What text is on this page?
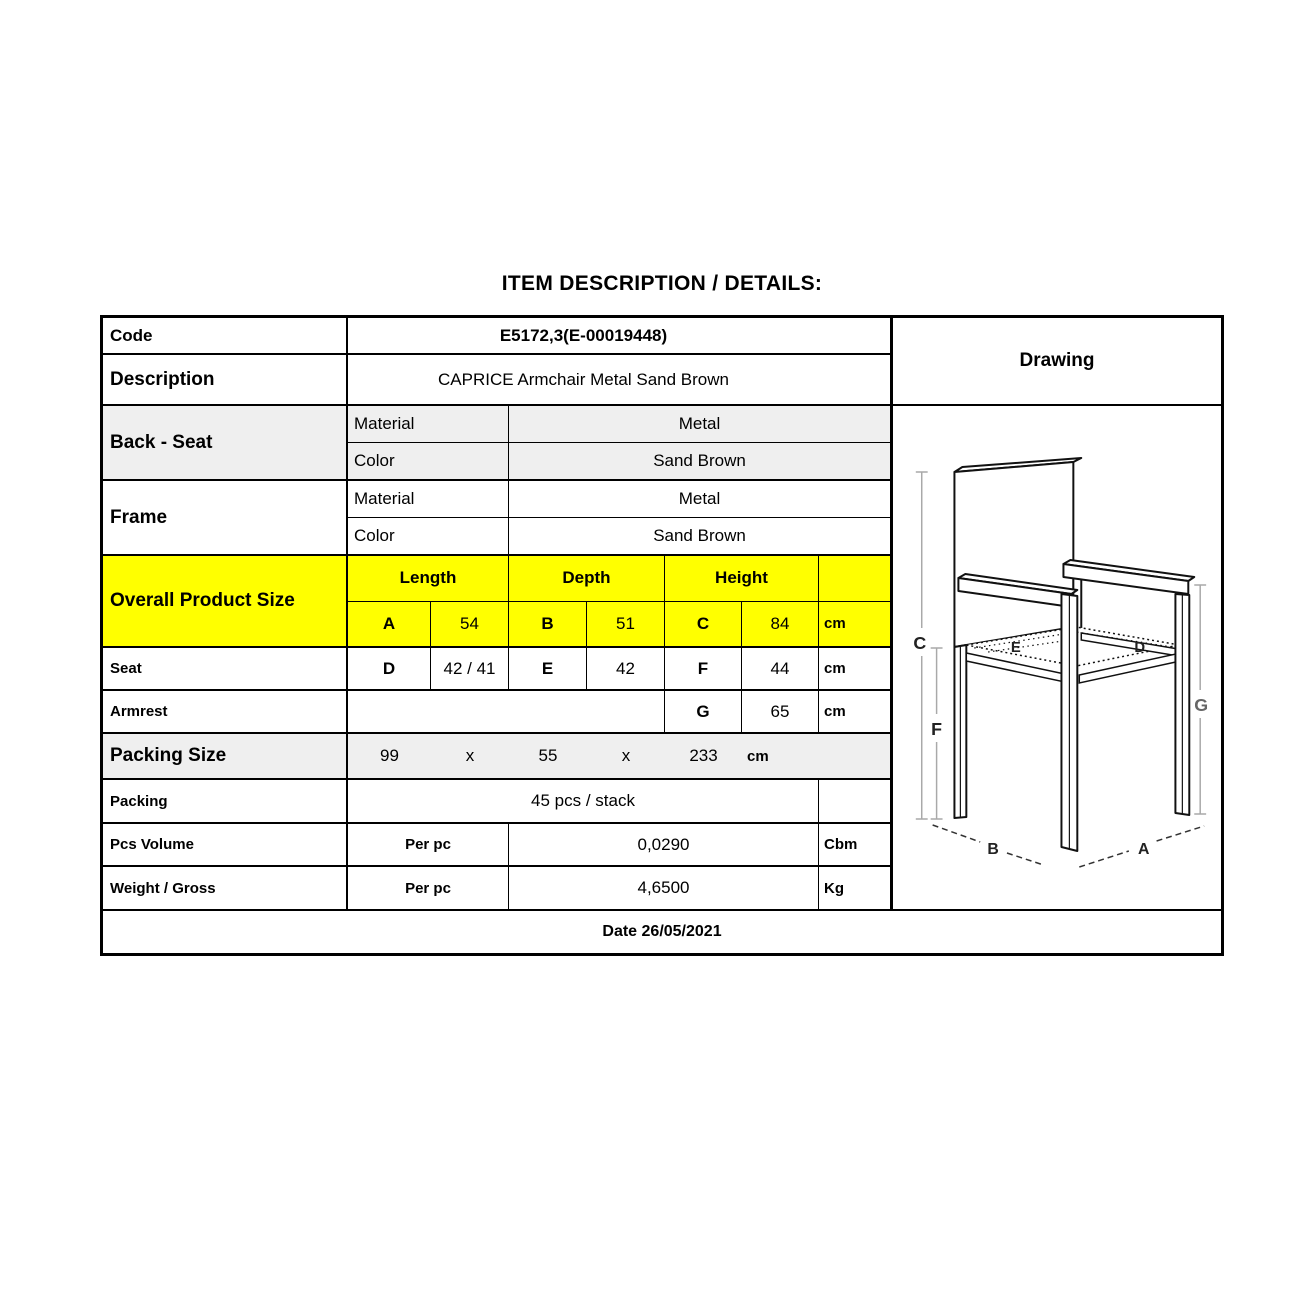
ITEM DESCRIPTION / DETAILS:
Code	E5172,3(E-00019448)
Description	CAPRICE Armchair Metal Sand Brown
Back - Seat
Material	Metal
Color	Sand Brown
Frame
Material	Metal
Color	Sand Brown
Overall Product Size
Length	Depth	Height
A	54	B	51	C	84	cm
Seat	D	42 / 41	E	42	F	44	cm
Armrest	G	65	cm
Packing Size	99	x	55	x	233	cm
Packing	45 pcs / stack
Pcs Volume	Per pc	0,0290	Cbm
Weight / Gross	Per pc	4,6500	Kg
Drawing
C
F
G
E	D
B	A
Date 26/05/2021
